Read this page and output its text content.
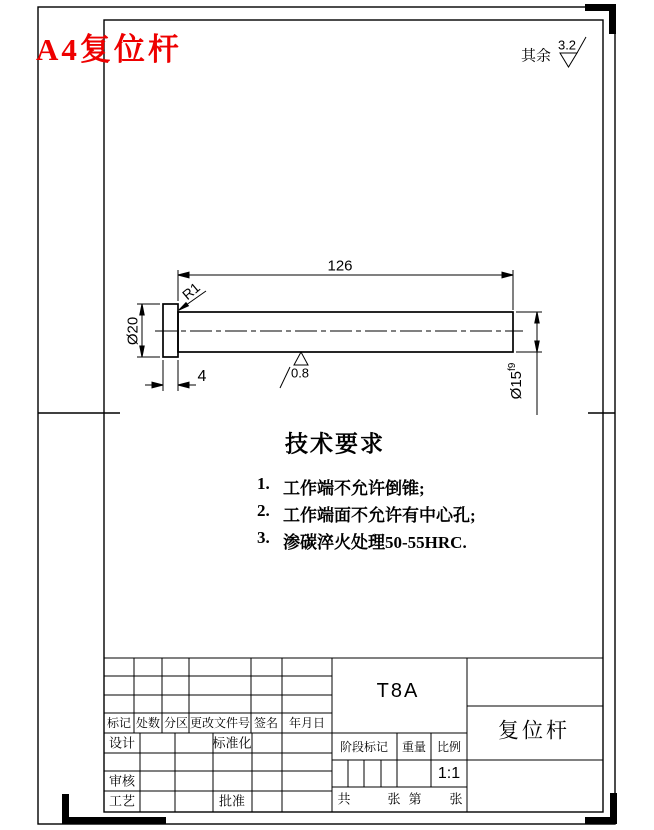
A4复位杆	其余
3.2
126
R1
Ø20
4	0.8	$Ø15^{f9}$
技术要求
1. 工作端不允许倒锥;
2. 工作端面不允许有中心孔;
3. 渗碳淬火处理50-55HRC.
标记 处数 分区 更改文件号 签名 年月日
设计	标准化
审核
工艺	批准
T8A
复位杆
阶段标记 重量 比例
1:1
共	张 第 张
